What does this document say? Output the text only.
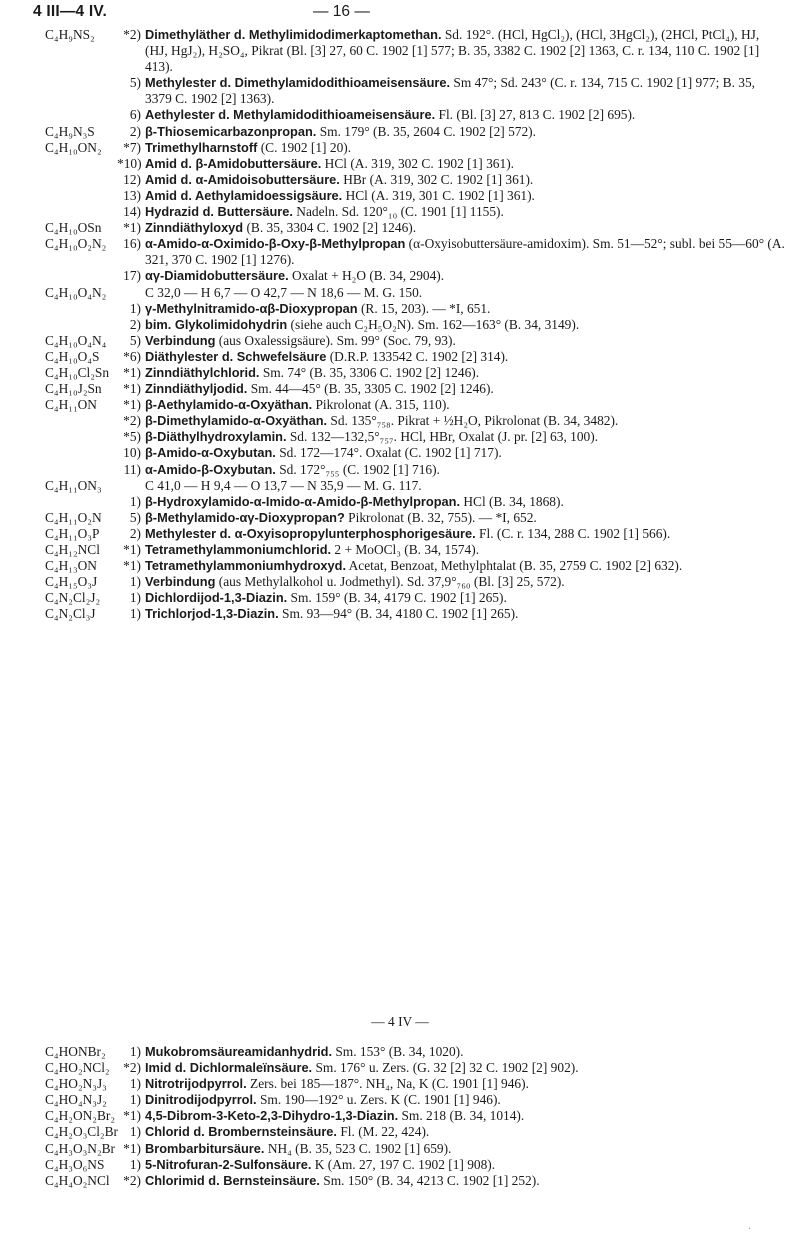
4 III—4 IV.	— 16 —
C₄H₉NS₂	*2) Dimethyläther d. Methylimidodimerkaptomethan. Sd. 192°. (HCl, HgCl₂), (HCl, 3HgCl₂), (2HCl, PtCl₄), HJ, (HJ, HgJ₂), H₂SO₄, Pikrat (Bl. [3] 27, 60 C. 1902 [1] 577; B. 35, 3382 C. 1902 [2] 1363, C. r. 134, 110 C. 1902 [1] 413).
5) Methylester d. Dimethylamidodithioameisensäure. Sm 47°; Sd. 243° (C. r. 134, 715 C. 1902 [1] 977; B. 35, 3379 C. 1902 [2] 1363).
6) Aethylester d. Methylamidodithioameisensäure. Fl. (Bl. [3] 27, 813 C. 1902 [2] 695).
C₄H₉N₃S	2) β-Thiosemicarbazonpropan. Sm. 179° (B. 35, 2604 C. 1902 [2] 572).
C₄H₁₀ON₂	*7) Trimethylharnstoff (C. 1902 [1] 20).
*10) Amid d. β-Amidobuttersäure. HCl (A. 319, 302 C. 1902 [1] 361).
12) Amid d. α-Amidoisobuttersäure. HBr (A. 319, 302 C. 1902 [1] 361).
13) Amid d. Aethylamidoessigsäure. HCl (A. 319, 301 C. 1902 [1] 361).
14) Hydrazid d. Buttersäure. Nadeln. Sd. 120°₁₀ (C. 1901 [1] 1155).
C₄H₁₀OSn	*1) Zinndiäthyloxyd (B. 35, 3304 C. 1902 [2] 1246).
C₄H₁₀O₂N₂	16) α-Amido-α-Oximido-β-Oxy-β-Methylpropan (α-Oxyisobuttersäure-amidoxim). Sm. 51—52°; subl. bei 55—60° (A. 321, 370 C. 1902 [1] 1276).
17) αγ-Diamidobuttersäure. Oxalat + H₂O (B. 34, 2904).
C₄H₁₀O₄N₂	C 32,0 — H 6,7 — O 42,7 — N 18,6 — M. G. 150.
1) γ-Methylnitramido-αβ-Dioxypropan (R. 15, 203). — *I, 651.
2) bim. Glykolimidohydrin (siehe auch C₂H₅O₂N). Sm. 162—163° (B. 34, 3149).
C₄H₁₀O₄N₄	5) Verbindung (aus Oxalessigsäure). Sm. 99° (Soc. 79, 93).
C₄H₁₀O₄S	*6) Diäthylester d. Schwefelsäure (D.R.P. 133542 C. 1902 [2] 314).
C₄H₁₀Cl₂Sn	*1) Zinndiäthylchlorid. Sm. 74° (B. 35, 3306 C. 1902 [2] 1246).
C₄H₁₀J₂Sn	*1) Zinndiäthyljodid. Sm. 44—45° (B. 35, 3305 C. 1902 [2] 1246).
C₄H₁₁ON	*1) β-Aethylamido-α-Oxyäthan. Pikrolonat (A. 315, 110).
*2) β-Dimethylamido-α-Oxyäthan. Sd. 135°₇₅₈. Pikrat + ½H₂O, Pikrolonat (B. 34, 3482).
*5) β-Diäthylhydroxylamin. Sd. 132—132,5°₇₅₇. HCl, HBr, Oxalat (J. pr. [2] 63, 100).
10) β-Amido-α-Oxybutan. Sd. 172—174°. Oxalat (C. 1902 [1] 717).
11) α-Amido-β-Oxybutan. Sd. 172°₇₅₅ (C. 1902 [1] 716).
C₄H₁₁ON₃	C 41,0 — H 9,4 — O 13,7 — N 35,9 — M. G. 117.
1) β-Hydroxylamido-α-Imido-α-Amido-β-Methylpropan. HCl (B. 34, 1868).
C₄H₁₁O₂N	5) β-Methylamido-αγ-Dioxypropan? Pikrolonat (B. 32, 755). — *I, 652.
C₄H₁₁O₃P	2) Methylester d. α-Oxyisopropylunterphosphorigesäure. Fl. (C. r. 134, 288 C. 1902 [1] 566).
C₄H₁₂NCl	*1) Tetramethylammoniumchlorid. 2 + MoOCl₃ (B. 34, 1574).
C₄H₁₃ON	*1) Tetramethylammoniumhydroxyd. Acetat, Benzoat, Methylphtalat (B. 35, 2759 C. 1902 [2] 632).
C₄H₁₅O₃J	1) Verbindung (aus Methylalkohol u. Jodmethyl). Sd. 37,9°₇₆₀ (Bl. [3] 25, 572).
C₄N₂Cl₂J₂	1) Dichlordijod-1,3-Diazin. Sm. 159° (B. 34, 4179 C. 1902 [1] 265).
C₄N₂Cl₃J	1) Trichlorjod-1,3-Diazin. Sm. 93—94° (B. 34, 4180 C. 1902 [1] 265).
— 4 IV —
C₄HONBr₂	1) Mukobromsäureamidanhydrid. Sm. 153° (B. 34, 1020).
C₄HO₂NCl₂	*2) Imid d. Dichlormaleïnsäure. Sm. 176° u. Zers. (G. 32 [2] 32 C. 1902 [2] 902).
C₄HO₂N₃J₃	1) Nitrotrijodpyrrol. Zers. bei 185—187°. NH₄, Na, K (C. 1901 [1] 946).
C₄HO₄N₃J₂	1) Dinitrodijodpyrrol. Sm. 190—192° u. Zers. K (C. 1901 [1] 946).
C₄H₂ON₂Br₂ *1) 4,5-Dibrom-3-Keto-2,3-Dihydro-1,3-Diazin. Sm. 218 (B. 34, 1014).
C₄H₂O₃Cl₂Br 1) Chlorid d. Brombernsteinsäure. Fl. (M. 22, 424).
C₄H₃O₃N₂Br *1) Brombarbitursäure. NH₄ (B. 35, 523 C. 1902 [1] 659).
C₄H₃O₆NS	1) 5-Nitrofuran-2-Sulfonsäure. K (Am. 27, 197 C. 1902 [1] 908).
C₄H₄O₂NCl	*2) Chlorimid d. Bernsteinsäure. Sm. 150° (B. 34, 4213 C. 1902 [1] 252).
.
